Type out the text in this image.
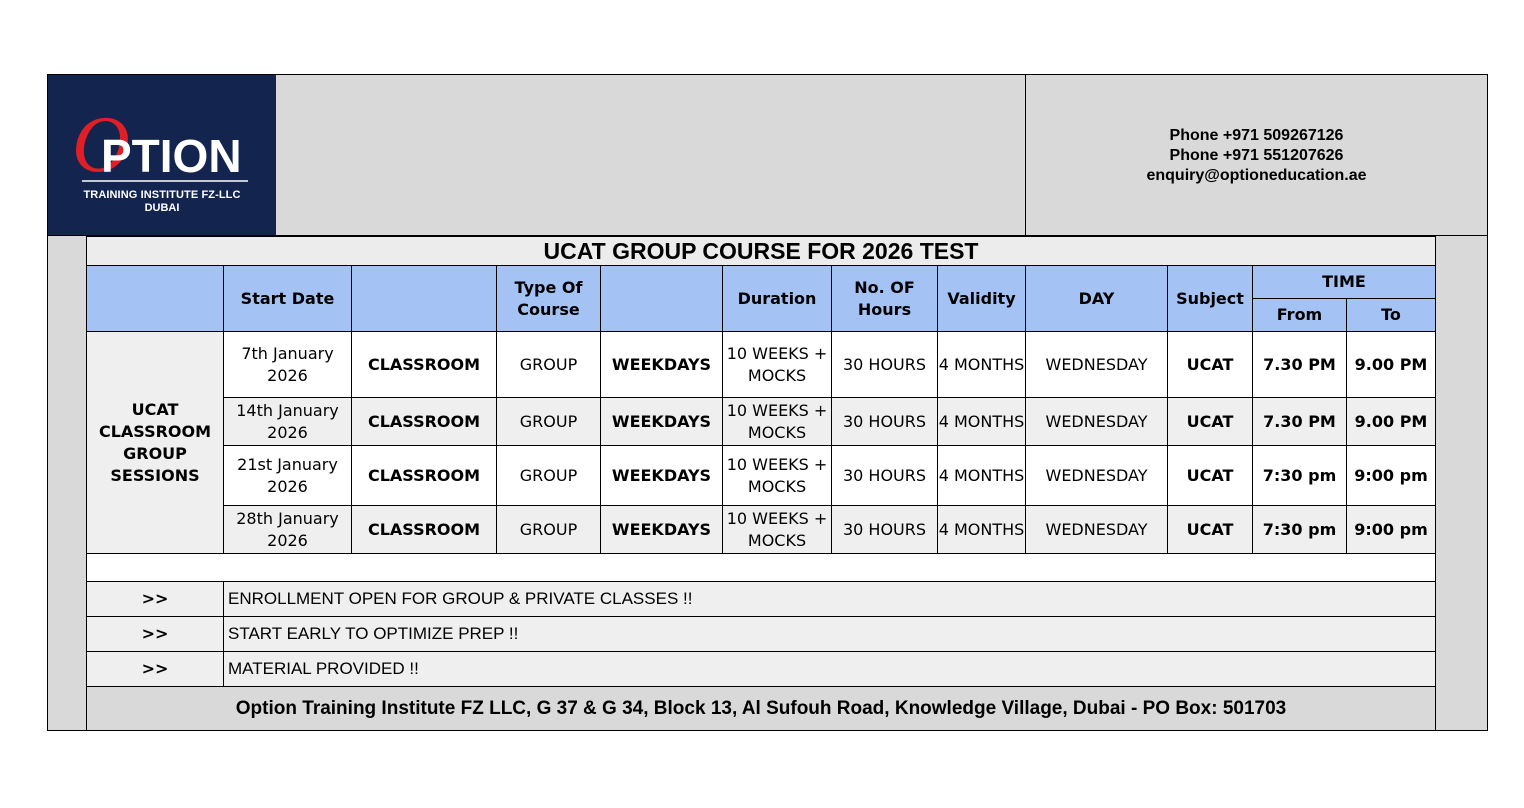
O
PTION
TRAINING INSTITUTE FZ-LLC
DUBAI
Phone +971 509267126
Phone +971 551207626
enquiry@optioneducation.ae
UCAT GROUP COURSE FOR 2026 TEST											
	Start Date		Type Of Course		Duration	No. OF Hours	Validity	DAY	Subject	TIME	
										From	To
UCAT CLASSROOM GROUP SESSIONS	7th January 2026	CLASSROOM	GROUP	WEEKDAYS	10 WEEKS + MOCKS	30 HOURS	4 MONTHS	WEDNESDAY	UCAT	7.30 PM	9.00 PM
	14th January 2026	CLASSROOM	GROUP	WEEKDAYS	10 WEEKS + MOCKS	30 HOURS	4 MONTHS	WEDNESDAY	UCAT	7.30 PM	9.00 PM
	21st January 2026	CLASSROOM	GROUP	WEEKDAYS	10 WEEKS + MOCKS	30 HOURS	4 MONTHS	WEDNESDAY	UCAT	7:30 pm	9:00 pm
	28th January 2026	CLASSROOM	GROUP	WEEKDAYS	10 WEEKS + MOCKS	30 HOURS	4 MONTHS	WEDNESDAY	UCAT	7:30 pm	9:00 pm

>>	ENROLLMENT OPEN FOR GROUP & PRIVATE CLASSES !!										
>>	START EARLY TO OPTIMIZE PREP !!										
>>	MATERIAL PROVIDED !!										
Option Training Institute FZ LLC, G 37 & G 34, Block 13, Al Sufouh Road, Knowledge Village, Dubai - PO Box: 501703											
